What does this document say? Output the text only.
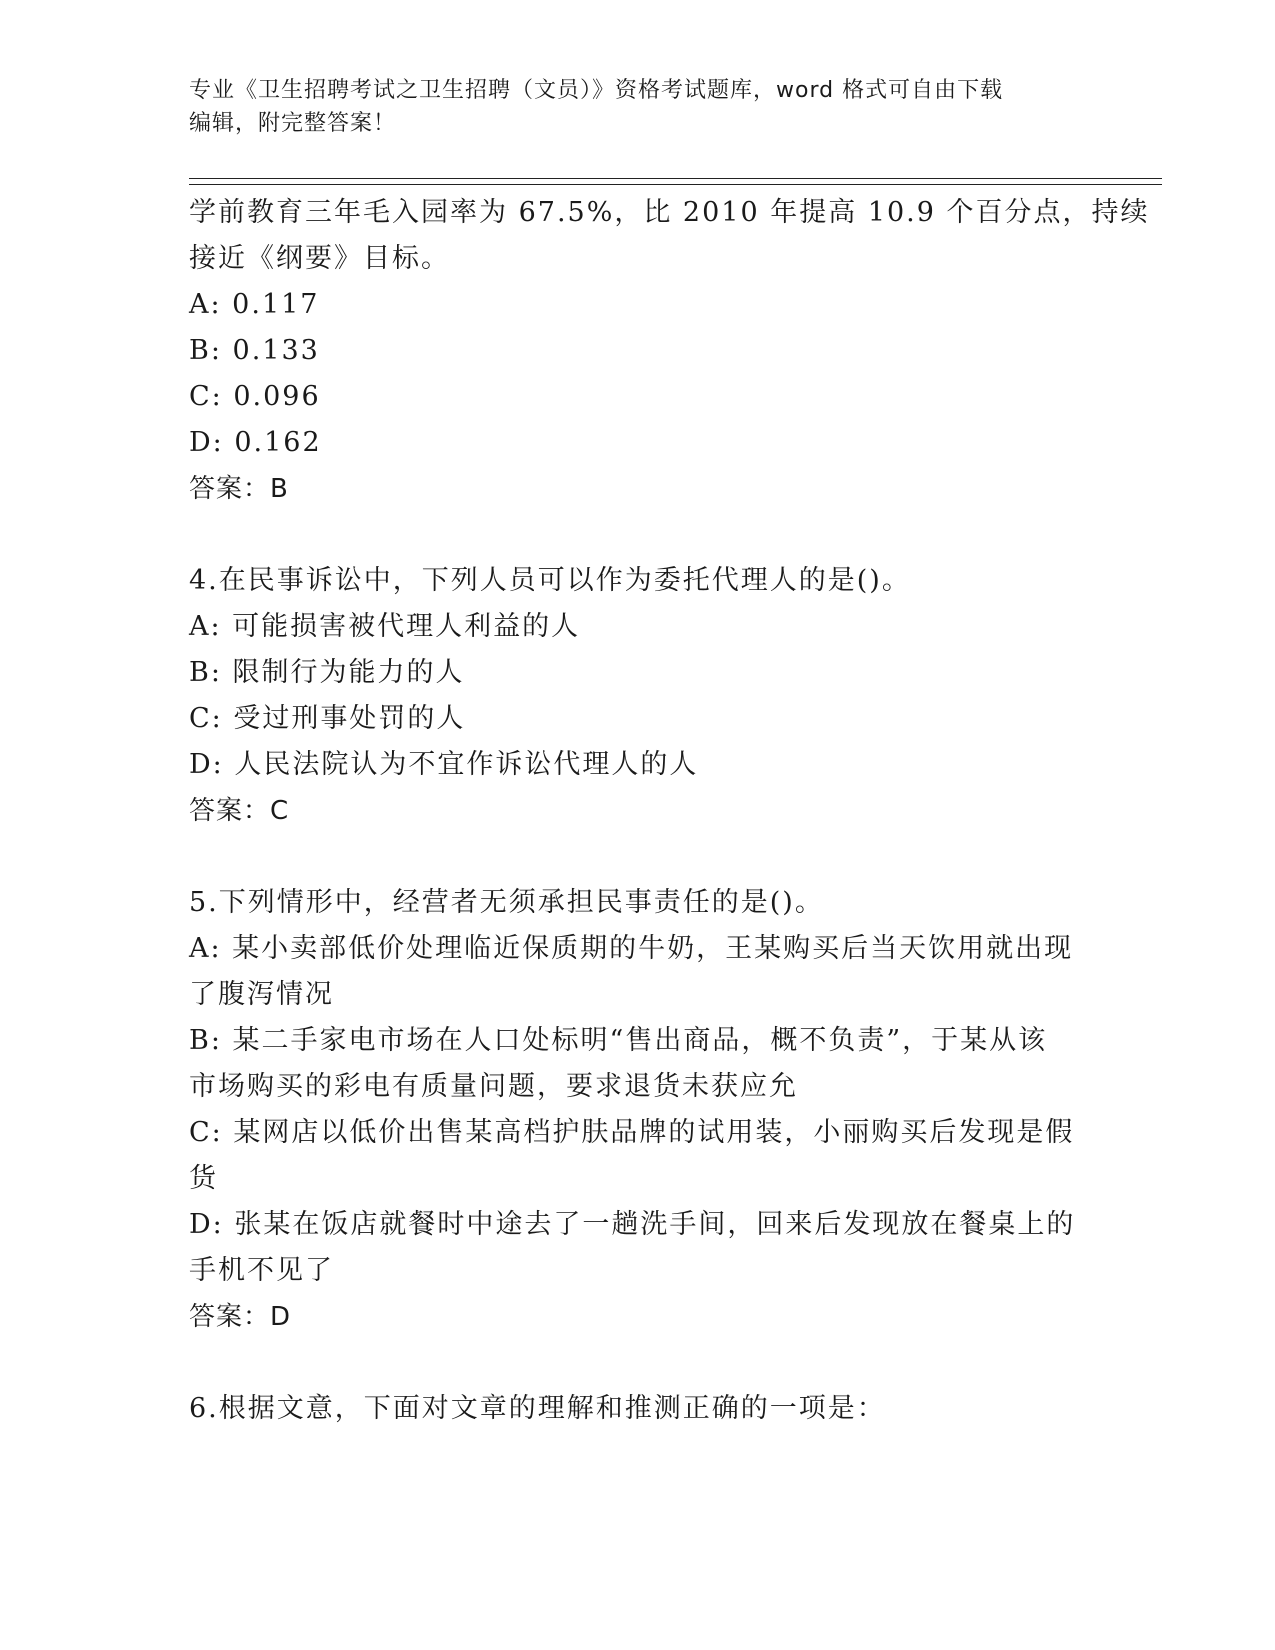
专业《卫生招聘考试之卫生招聘（文员）》资格考试题库，word 格式可自由下载
编辑，附完整答案！
学前教育三年毛入园率为 67.5%，比 2010 年提高 10.9 个百分点，持续
接近《纲要》目标。
A: 0.117
B: 0.133
C: 0.096
D: 0.162
答案：B
4.在民事诉讼中，下列人员可以作为委托代理人的是()。
A: 可能损害被代理人利益的人
B: 限制行为能力的人
C: 受过刑事处罚的人
D: 人民法院认为不宜作诉讼代理人的人
答案：C
5.下列情形中，经营者无须承担民事责任的是()。
A: 某小卖部低价处理临近保质期的牛奶，王某购买后当天饮用就出现
了腹泻情况
B: 某二手家电市场在人口处标明“售出商品，概不负责”，于某从该
市场购买的彩电有质量问题，要求退货未获应允
C: 某网店以低价出售某高档护肤品牌的试用装，小丽购买后发现是假
货
D: 张某在饭店就餐时中途去了一趟洗手间，回来后发现放在餐桌上的
手机不见了
答案：D
6.根据文意，下面对文章的理解和推测正确的一项是：
